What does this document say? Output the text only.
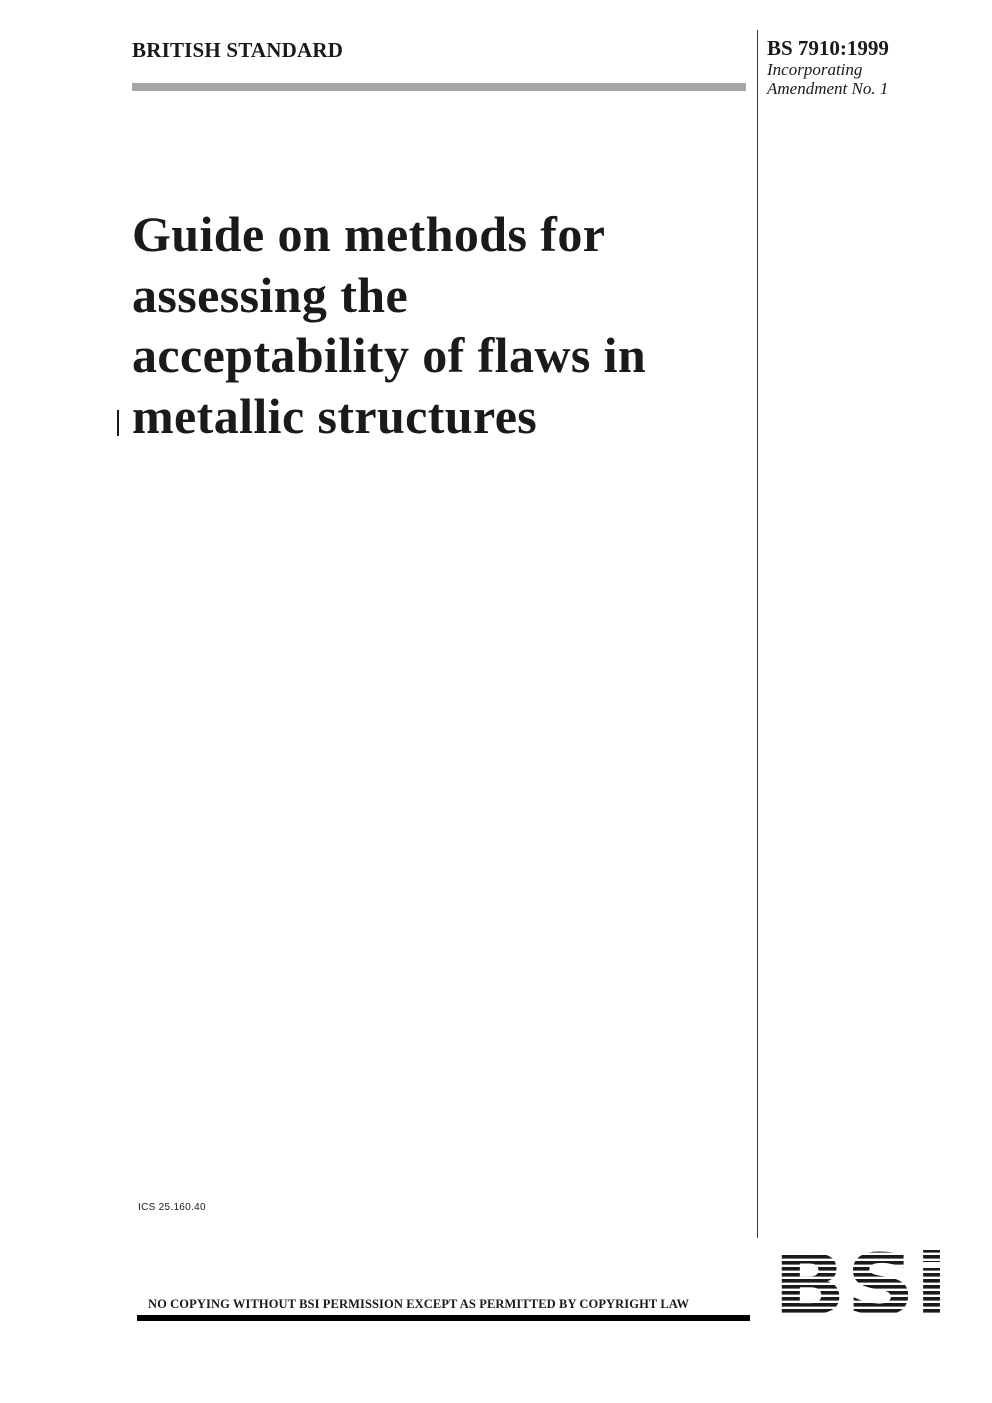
BRITISH STANDARD	BS 7910:1999
Incorporating
Amendment No. 1
Guide on methods for
assessing the
acceptability of flaws in
metallic structures
ICS 25.160.40
NO COPYING WITHOUT BSI PERMISSION EXCEPT AS PERMITTED BY COPYRIGHT LAW
